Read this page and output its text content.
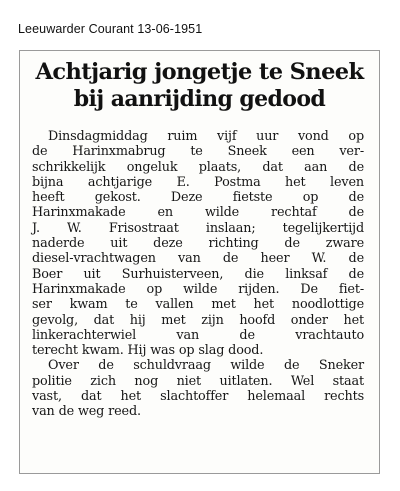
Leeuwarder Courant 13-06-1951
Achtjarig jongetje te Sneek
bij aanrijding gedood
Dinsdagmiddag ruim vijf uur vond op
de Harinxmabrug te Sneek een ver-
schrikkelijk ongeluk plaats, dat aan de
bijna achtjarige E. Postma het leven
heeft gekost. Deze fietste op de
Harinxmakade en wilde rechtaf de
J. W. Frisostraat inslaan; tegelijkertijd
naderde uit deze richting de zware
diesel-vrachtwagen van de heer W. de
Boer uit Surhuisterveen, die linksaf de
Harinxmakade op wilde rijden. De fiet-
ser kwam te vallen met het noodlottige
gevolg, dat hij met zijn hoofd onder het
linkerachterwiel van de vrachtauto
terecht kwam. Hij was op slag dood.
Over de schuldvraag wilde de Sneker
politie zich nog niet uitlaten. Wel staat
vast, dat het slachtoffer helemaal rechts
van de weg reed.
